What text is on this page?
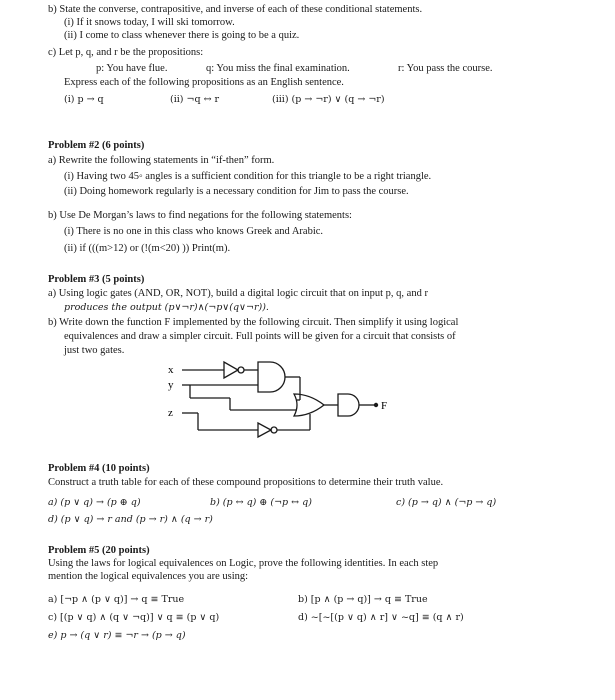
b) State the converse, contrapositive, and inverse of each of these conditional statements.
(i) If it snows today, I will ski tomorrow.
(ii) I come to class whenever there is going to be a quiz.
c) Let p, q, and r be the propositions:
p: You have flue.	q: You miss the final examination.	r: You pass the course.
Express each of the following propositions as an English sentence.
(i) p → q	(ii) ¬q ↔ r	(iii) (p → ¬r) ∨ (q → ¬r)
Problem #2 (6 points)
a) Rewrite the following statements in “if-then” form.
(i) Having two 45◦ angles is a sufficient condition for this triangle to be a right triangle.
(ii) Doing homework regularly is a necessary condition for Jim to pass the course.
b) Use De Morgan’s laws to find negations for the following statements:
(i) There is no one in this class who knows Greek and Arabic.
(ii) if (((m>12) or (!(m<20) )) Print(m).
Problem #3 (5 points)
a) Using logic gates (AND, OR, NOT), build a digital logic circuit that on input p, q, and r
produces the output (p∨¬r)∧(¬p∨(q∨¬r)).
b) Write down the function F implemented by the following circuit. Then simplify it using logical
equivalences and draw a simpler circuit. Full points will be given for a circuit that consists of
just two gates.
x
y
z
F
Problem #4 (10 points)
Construct a truth table for each of these compound propositions to determine their truth value.
a) (p ∨ q) → (p ⊕ q)	b) (p ↔ q) ⊕ (¬p ↔ q)	c) (p → q) ∧ (¬p → q)
d) (p ∨ q) → r and (p → r) ∧ (q → r)
Problem #5 (20 points)
Using the laws for logical equivalences on Logic, prove the following identities. In each step
mention the logical equivalences you are using:
a) [¬p ∧ (p ∨ q)] → q ≡ True	b) [p ∧ (p → q)] → q ≡ True
c) [(p ∨ q) ∧ (q ∨ ¬q)] ∨ q ≡ (p ∨ q)	d) ~[~[(p ∨ q) ∧ r] ∨ ~q] ≡ (q ∧ r)
e) p → (q ∨ r) ≡ ¬r → (p → q)
